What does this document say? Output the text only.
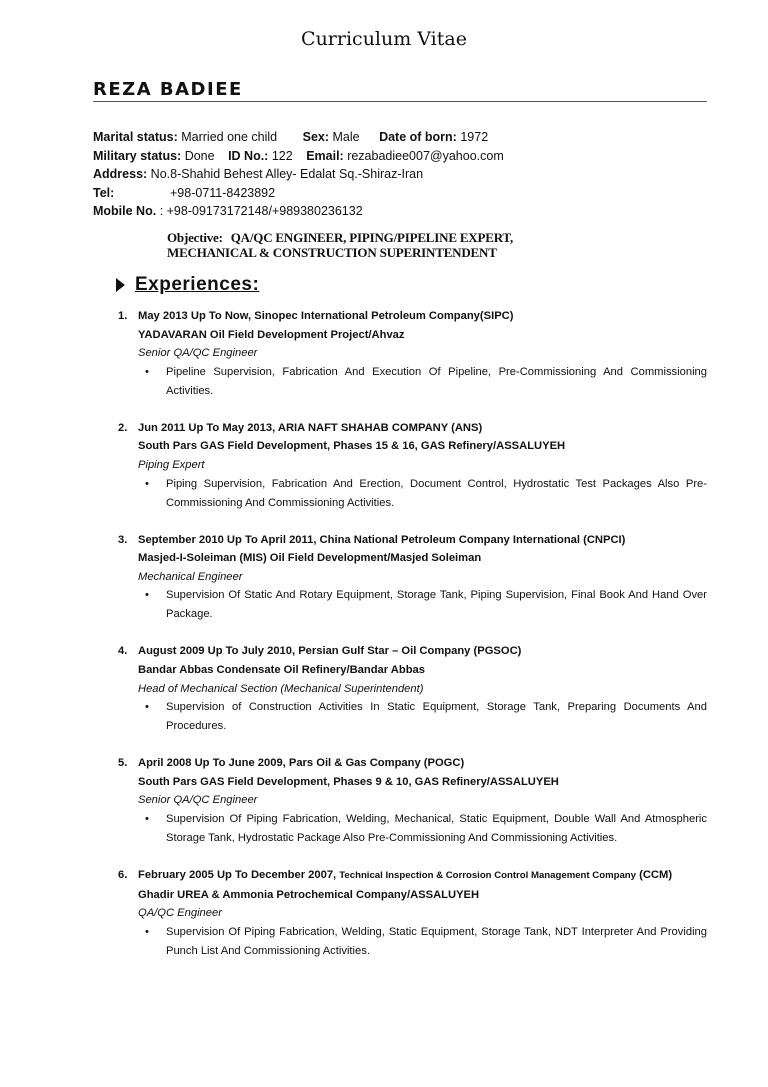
Curriculum Vitae
REZA BADIEE
Marital status: Married one child Sex: Male Date of born: 1972
Military status: Done ID No.: 122 Email: rezabadiee007@yahoo.com
Address: No.8-Shahid Behest Alley- Edalat Sq.-Shiraz-Iran
Tel:	+98-0711-8423892
Mobile No. : +98-09173172148/+989380236132
Objective: QA/QC ENGINEER, PIPING/PIPELINE EXPERT,
MECHANICAL & CONSTRUCTION SUPERINTENDENT
Experiences:
1. May 2013 Up To Now, Sinopec International Petroleum Company(SIPC)
YADAVARAN Oil Field Development Project/Ahvaz
Senior QA/QC Engineer
• Pipeline Supervision, Fabrication And Execution Of Pipeline, Pre-Commissioning And Commissioning Activities.
2. Jun 2011 Up To May 2013, ARIA NAFT SHAHAB COMPANY (ANS)
South Pars GAS Field Development, Phases 15 & 16, GAS Refinery/ASSALUYEH
Piping Expert
• Piping Supervision, Fabrication And Erection, Document Control, Hydrostatic Test Packages Also Pre-Commissioning And Commissioning Activities.
3. September 2010 Up To April 2011, China National Petroleum Company International (CNPCI)
Masjed-I-Soleiman (MIS) Oil Field Development/Masjed Soleiman
Mechanical Engineer
• Supervision Of Static And Rotary Equipment, Storage Tank, Piping Supervision, Final Book And Hand Over Package.
4. August 2009 Up To July 2010, Persian Gulf Star – Oil Company (PGSOC)
Bandar Abbas Condensate Oil Refinery/Bandar Abbas
Head of Mechanical Section (Mechanical Superintendent)
• Supervision of Construction Activities In Static Equipment, Storage Tank, Preparing Documents And Procedures.
5. April 2008 Up To June 2009, Pars Oil & Gas Company (POGC)
South Pars GAS Field Development, Phases 9 & 10, GAS Refinery/ASSALUYEH
Senior QA/QC Engineer
• Supervision Of Piping Fabrication, Welding, Mechanical, Static Equipment, Double Wall And Atmospheric Storage Tank, Hydrostatic Package Also Pre-Commissioning And Commissioning Activities.
6. February 2005 Up To December 2007, Technical Inspection & Corrosion Control Management Company (CCM)
Ghadir UREA & Ammonia Petrochemical Company/ASSALUYEH
QA/QC Engineer
• Supervision Of Piping Fabrication, Welding, Static Equipment, Storage Tank, NDT Interpreter And Providing Punch List And Commissioning Activities.
